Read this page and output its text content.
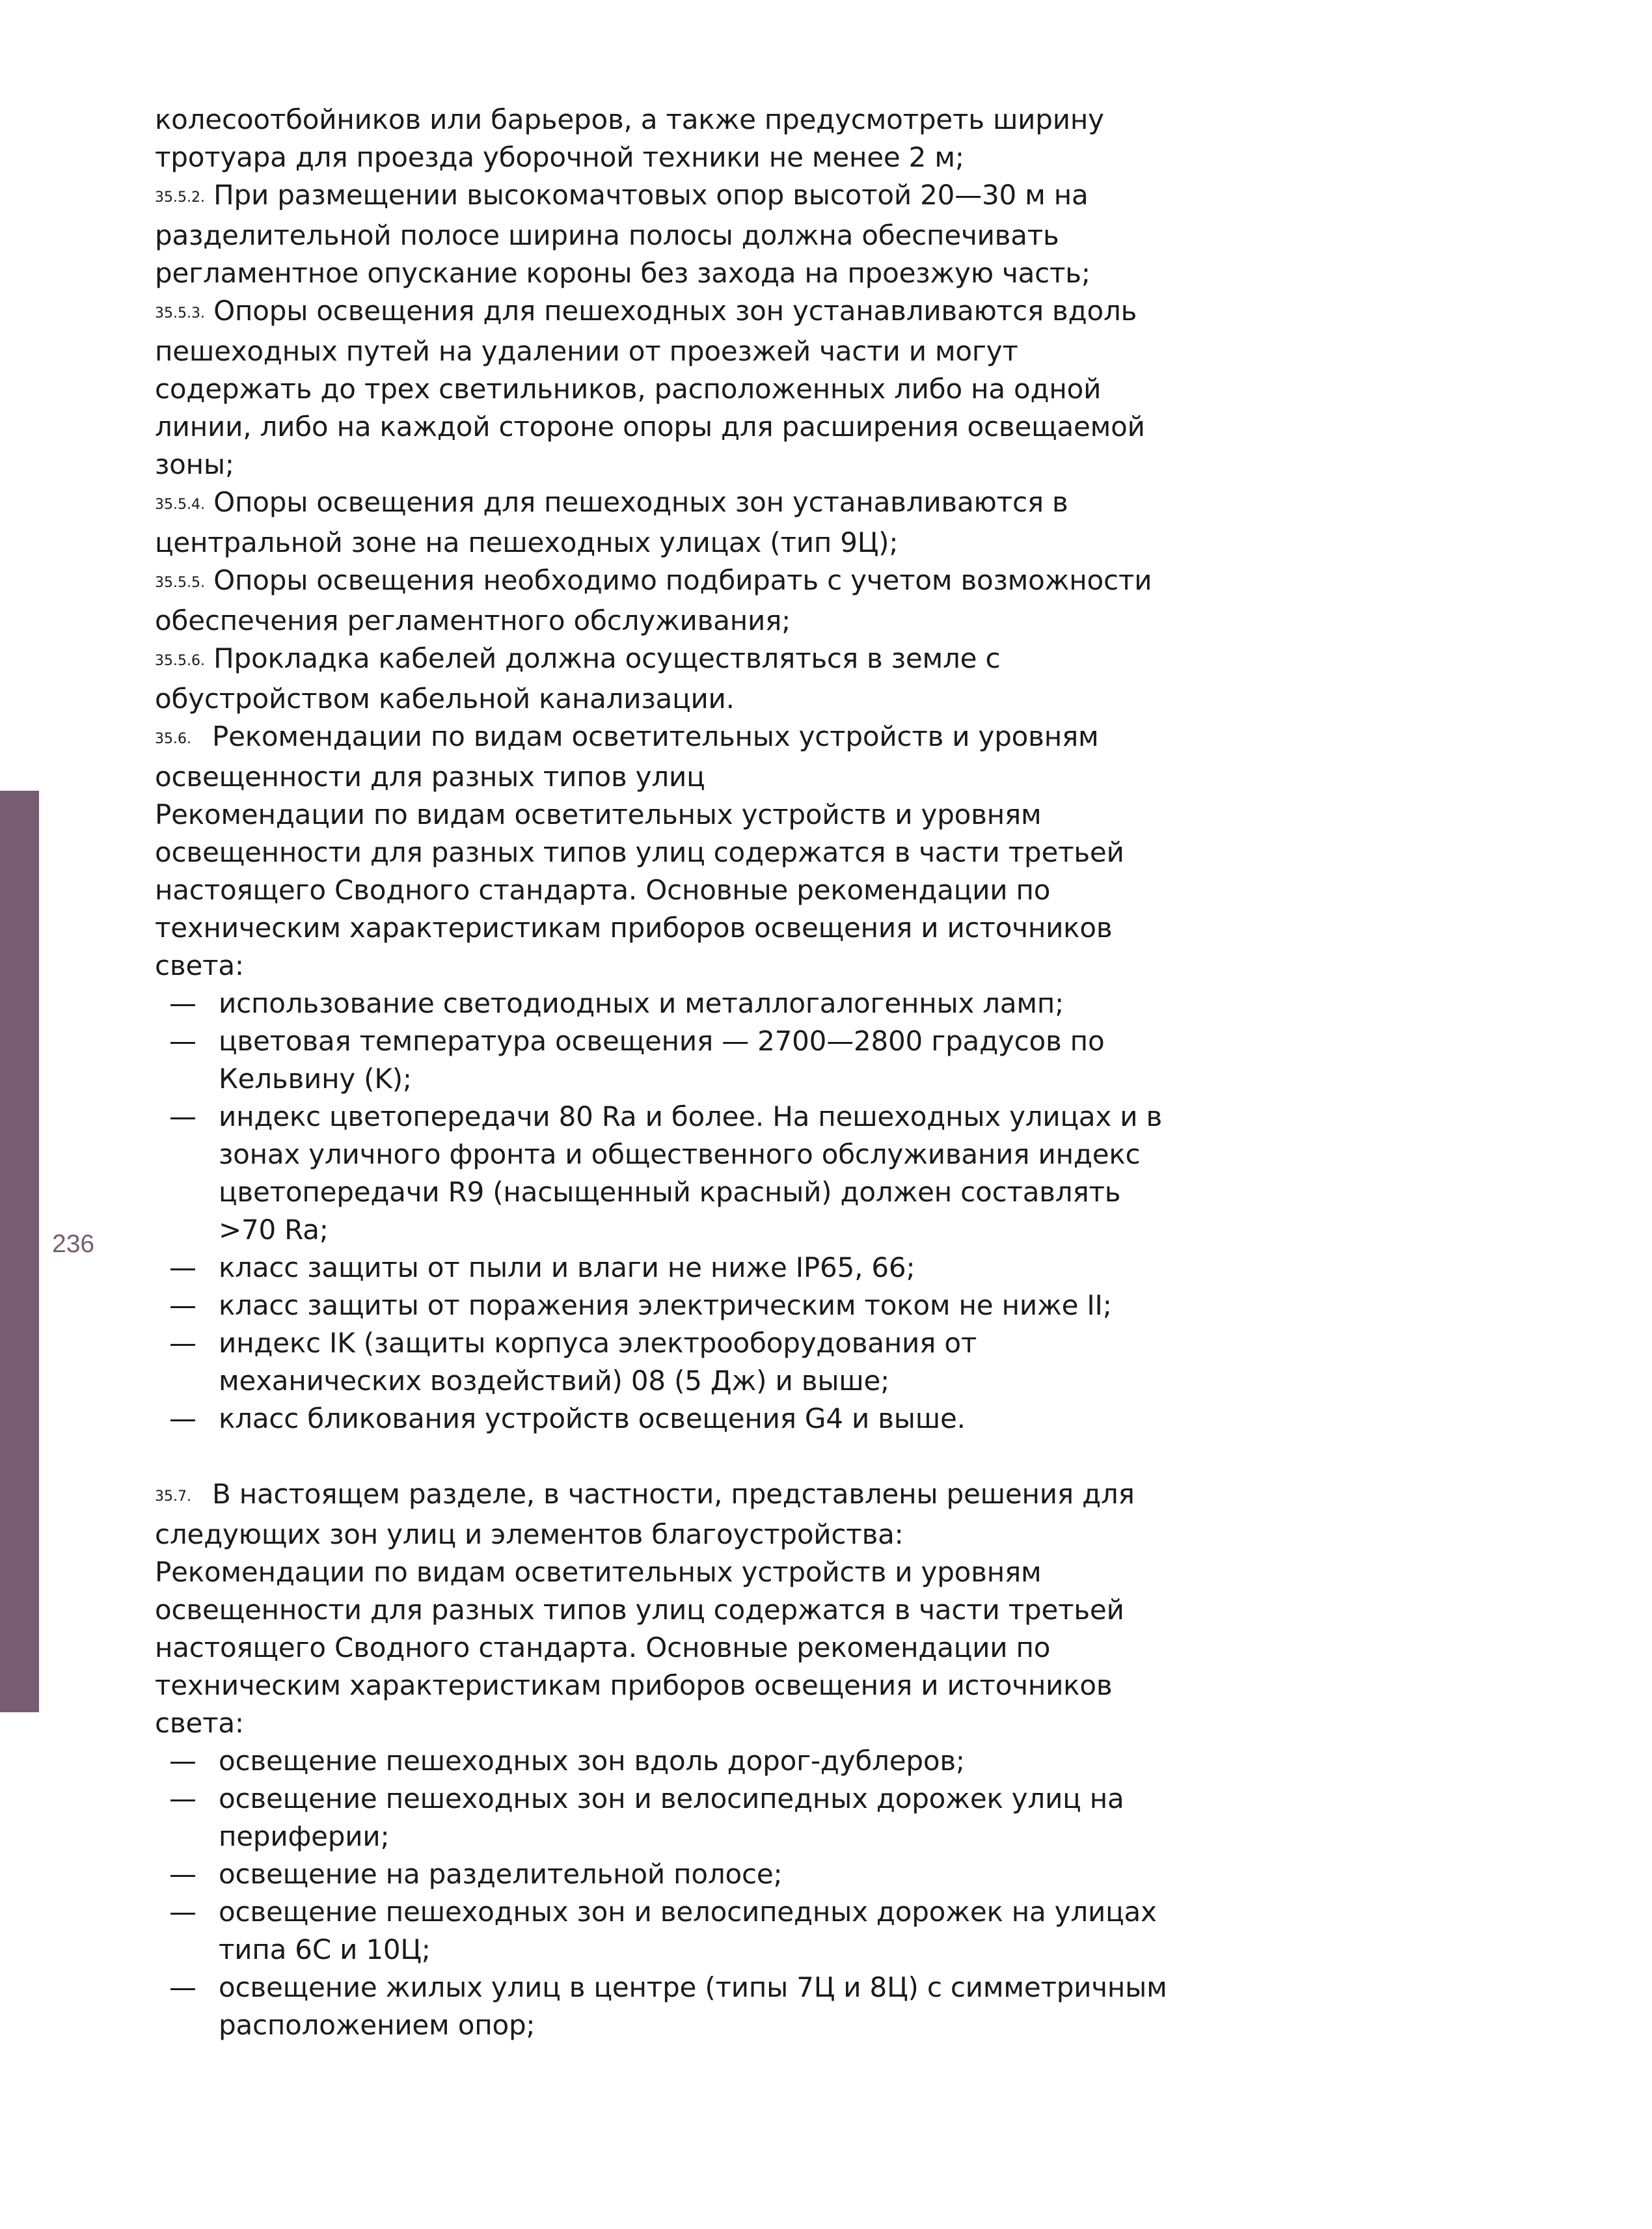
236

колесоотбойников или барьеров, а также предусмотреть ширину тротуара для проезда уборочной техники не менее 2 м;

35.5.2. При размещении высокомачтовых опор высотой 20—30 м на разделительной полосе ширина полосы должна обеспечивать регламентное опускание короны без захода на проезжую часть;

35.5.3. Опоры освещения для пешеходных зон устанавливаются вдоль пешеходных путей на удалении от проезжей части и могут содержать до трех светильников, расположенных либо на одной линии, либо на каждой стороне опоры для расширения освещаемой зоны;

35.5.4. Опоры освещения для пешеходных зон устанавливаются в центральной зоне на пешеходных улицах (тип 9Ц);

35.5.5. Опоры освещения необходимо подбирать с учетом возможности обеспечения регламентного обслуживания;

35.5.6. Прокладка кабелей должна осуществляться в земле с обустройством кабельной канализации.

35.6. Рекомендации по видам осветительных устройств и уровням освещенности для разных типов улиц

Рекомендации по видам осветительных устройств и уровням освещенности для разных типов улиц содержатся в части третьей настоящего Сводного стандарта. Основные рекомендации по техническим характеристикам приборов освещения и источников света:

— использование светодиодных и металлогалогенных ламп;
— цветовая температура освещения — 2700—2800 градусов по Кельвину (K);
— индекс цветопередачи 80 Ra и более. На пешеходных улицах и в зонах уличного фронта и общественного обслуживания индекс цветопередачи R9 (насыщенный красный) должен составлять >70 Ra;
— класс защиты от пыли и влаги не ниже IP65, 66;
— класс защиты от поражения электрическим током не ниже II;
— индекс IK (защиты корпуса электрооборудования от механических воздействий) 08 (5 Дж) и выше;
— класс бликования устройств освещения G4 и выше.

35.7. В настоящем разделе, в частности, представлены решения для следующих зон улиц и элементов благоустройства:

Рекомендации по видам осветительных устройств и уровням освещенности для разных типов улиц содержатся в части третьей настоящего Сводного стандарта. Основные рекомендации по техническим характеристикам приборов освещения и источников света:

— освещение пешеходных зон вдоль дорог-дублеров;
— освещение пешеходных зон и велосипедных дорожек улиц на периферии;
— освещение на разделительной полосе;
— освещение пешеходных зон и велосипедных дорожек на улицах типа 6С и 10Ц;
— освещение жилых улиц в центре (типы 7Ц и 8Ц) с симметричным расположением опор;
